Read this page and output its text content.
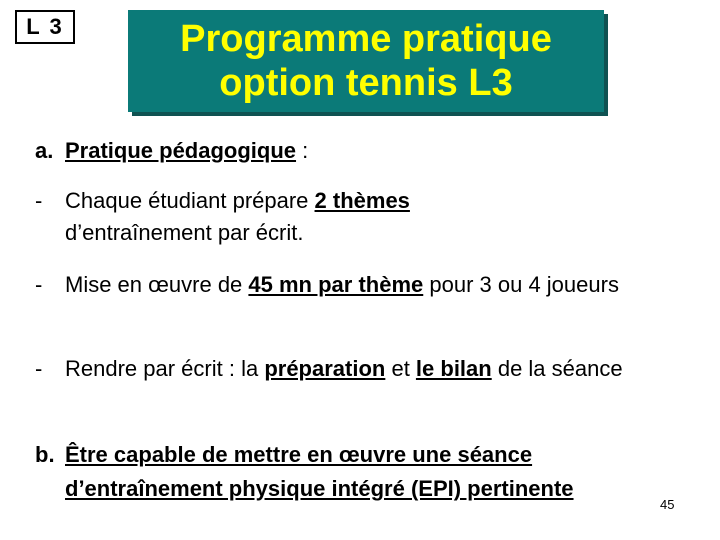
L 3	Programme pratique
option tennis L3
a. Pratique pédagogique :
- Chaque étudiant prépare 2 thèmes d’entraînement par écrit.
- Mise en œuvre de 45 mn par thème pour 3 ou 4 joueurs
- Rendre par écrit : la préparation et le bilan de la séance
b. Être capable de mettre en œuvre une séance d’entraînement physique intégré (EPI) pertinente
45
